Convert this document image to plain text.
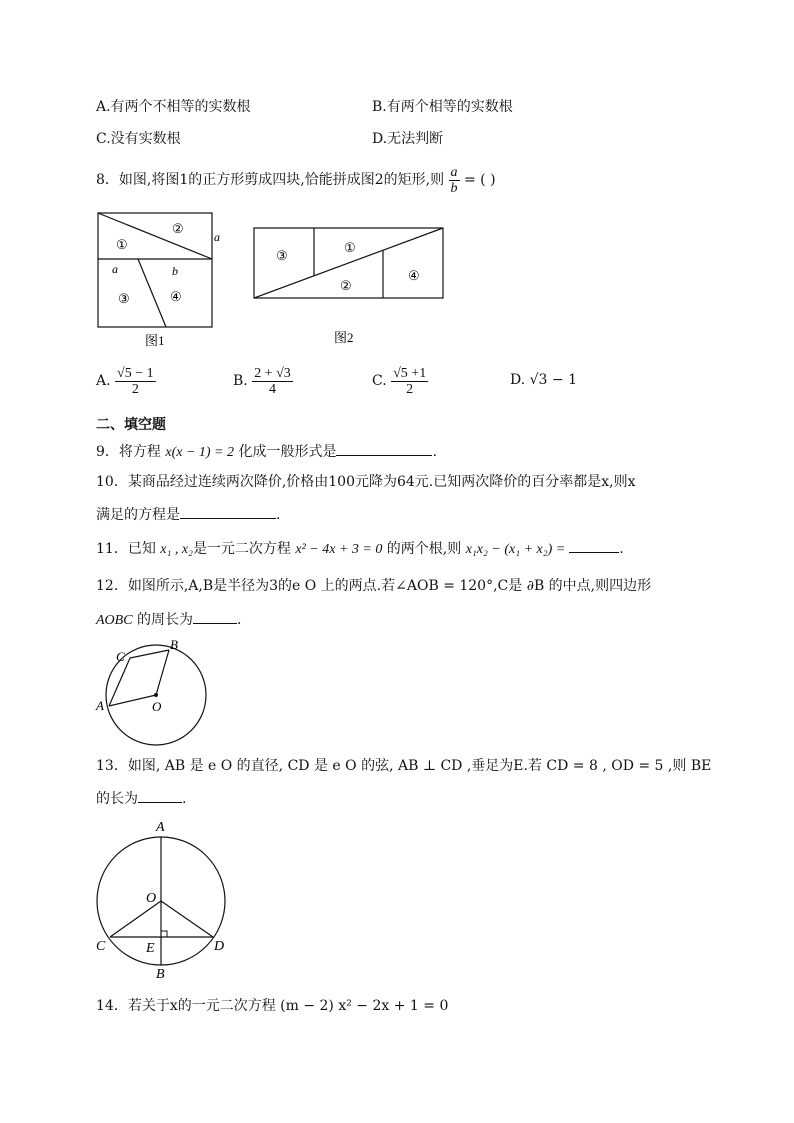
A.有两个不相等的实数根	B.有两个相等的实数根
C.没有实数根	D.无法判断
8．如图,将图1的正方形剪成四块,恰能拼成图2的矩形,则 $\frac{a}{b}$ = ( )
②
①	a
a	b
③	④
图1
③
①
②
④
图2
A. $\frac{√5 - 1}{2}$	B. $\frac{2 + √3}{4}$	C. $\frac{√5 +1}{2}$	D. √3 − 1
二、填空题
9．将方程 x(x − 1) = 2 化成一般形式是	.
10．某商品经过连续两次降价,价格由100元降为64元.已知两次降价的百分率都是x,则x
满足的方程是	.
11．已知 x₁ , x₂是一元二次方程 x² − 4x + 3 = 0 的两个根,则 x₁x₂ − (x₁ + x₂) =	.
12．如图所示,A,B是半径为3的e O 上的两点.若∠AOB = 120°,C是 ∂B 的中点,则四边形
AOBC 的周长为	.
A
B
C
O
13．如图, AB 是 e O 的直径, CD 是 e O 的弦, AB ⊥ CD ,垂足为E.若 CD = 8 , OD = 5 ,则 BE
的长为	.
A
O
C	E	D
B
14．若关于x的一元二次方程 (m − 2) x² − 2x + 1 = 0
